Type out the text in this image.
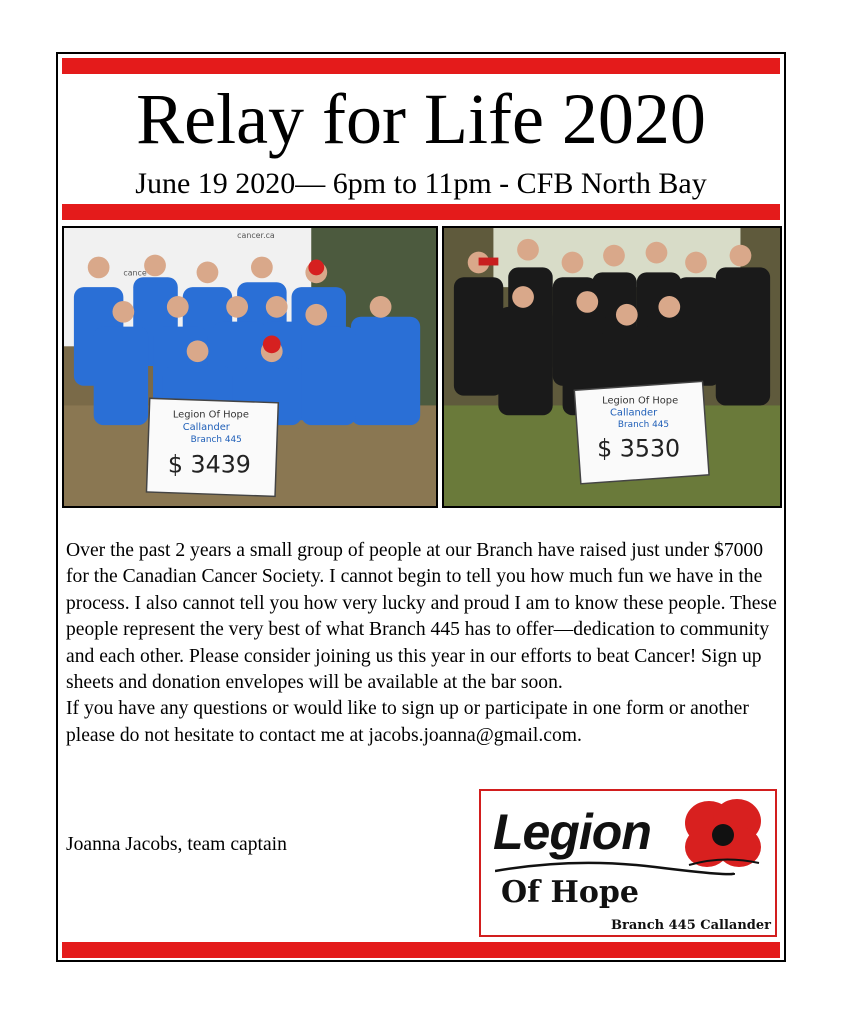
Relay for Life 2020
June 19 2020— 6pm to 11pm - CFB North Bay
cancer.ca
cance
Legion Of Hope
Callander
Branch 445
$ 3439
Legion Of Hope
Callander
Branch 445
$ 3530

Over the past 2 years a small group of people at our Branch have raised just under $7000 for the Canadian Cancer Society. I cannot begin to tell you how much fun we have in the process. I also cannot tell you how very lucky and proud I am to know these people. These people represent the very best of what Branch 445 has to offer—dedication to community and each other. Please consider joining us this year in our efforts to beat Cancer! Sign up sheets and donation envelopes will be available at the bar soon.

If you have any questions or would like to sign up or participate in one form or another please do not hesitate to contact me at jacobs.joanna@gmail.com.

Joanna Jacobs, team captain	Legion
Of Hope
Branch 445 Callander
